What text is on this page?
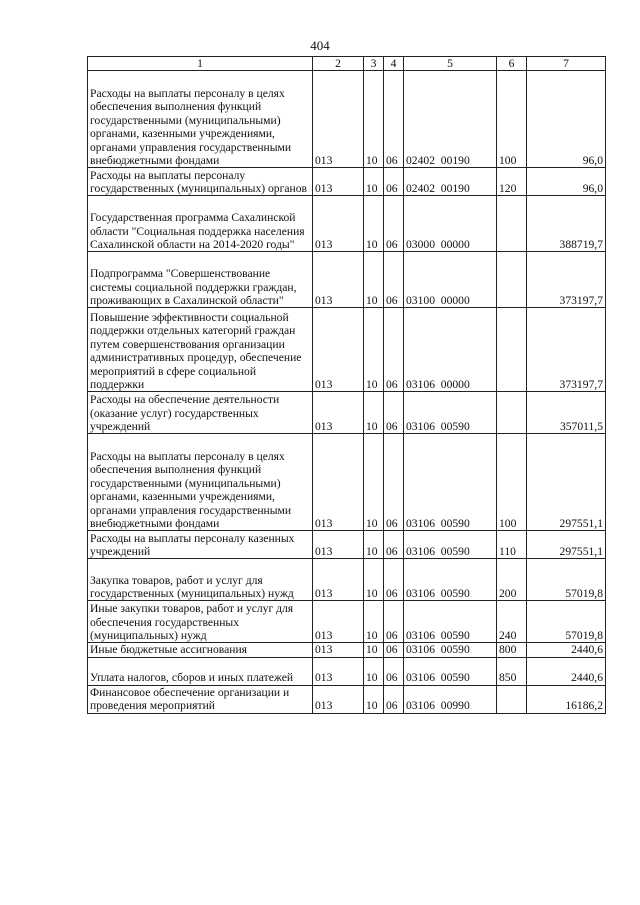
404
1	2	3	4	5	6	7
Расходы на выплаты персоналу в целях обеспечения выполнения функций государственными (муниципальными) органами, казенными учреждениями, органами управления государственными внебюджетными фондами	013	10	06	02402  00190	100	96,0
Расходы на выплаты персоналу государственных (муниципальных) органов	013	10	06	02402  00190	120	96,0
Государственная программа Сахалинской области "Социальная поддержка населения Сахалинской области на 2014-2020 годы"	013	10	06	03000  00000		388719,7
Подпрограмма "Совершенствование системы социальной поддержки граждан, проживающих в Сахалинской области"	013	10	06	03100  00000		373197,7
Повышение эффективности социальной поддержки отдельных категорий граждан путем совершенствования организации административных процедур, обеспечение мероприятий в сфере социальной поддержки	013	10	06	03106  00000		373197,7
Расходы на обеспечение деятельности (оказание услуг) государственных учреждений	013	10	06	03106  00590		357011,5
Расходы на выплаты персоналу в целях обеспечения выполнения функций государственными (муниципальными) органами, казенными учреждениями, органами управления государственными внебюджетными фондами	013	10	06	03106  00590	100	297551,1
Расходы на выплаты персоналу казенных учреждений	013	10	06	03106  00590	110	297551,1
Закупка товаров, работ и услуг для государственных (муниципальных) нужд	013	10	06	03106  00590	200	57019,8
Иные закупки товаров, работ и услуг для обеспечения государственных (муниципальных) нужд	013	10	06	03106  00590	240	57019,8
Иные бюджетные ассигнования	013	10	06	03106  00590	800	2440,6
Уплата налогов, сборов и иных платежей	013	10	06	03106  00590	850	2440,6
Финансовое обеспечение организации и проведения мероприятий	013	10	06	03106  00990		16186,2
